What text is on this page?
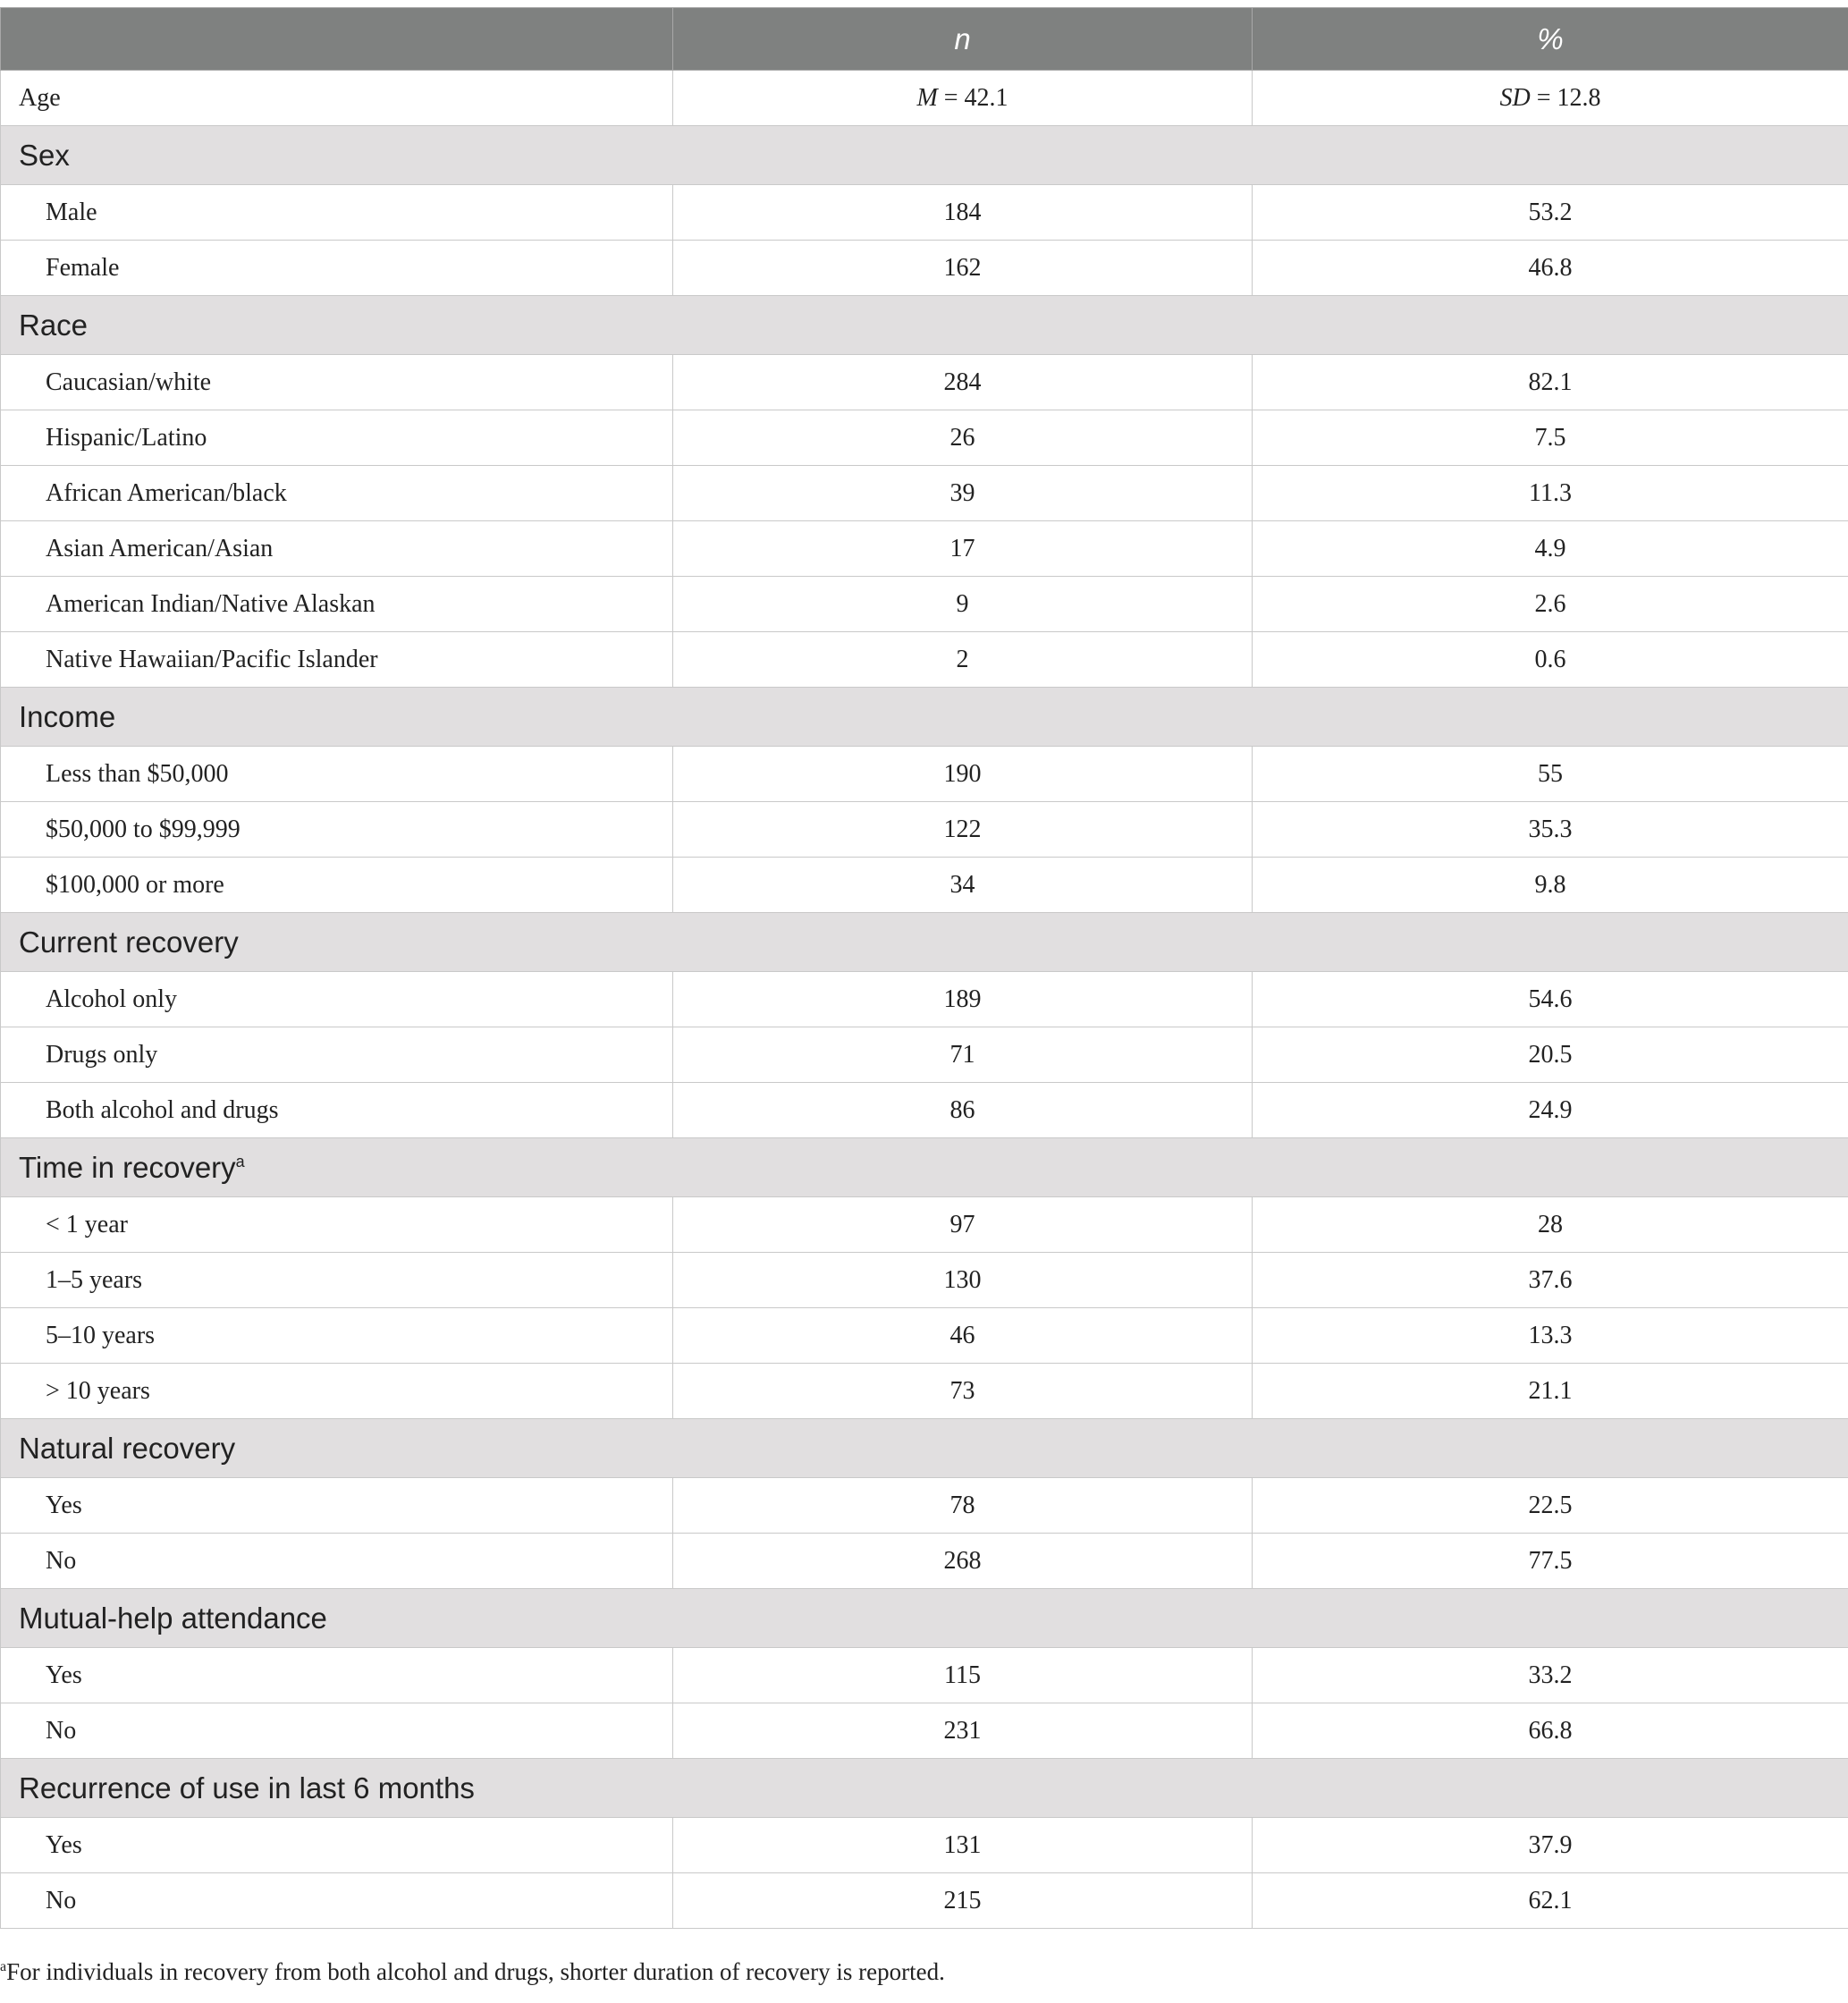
	n	%
Age	M = 42.1	SD = 12.8
Sex		
Male	184	53.2
Female	162	46.8
Race		
Caucasian/white	284	82.1
Hispanic/Latino	26	7.5
African American/black	39	11.3
Asian American/Asian	17	4.9
American Indian/Native Alaskan	9	2.6
Native Hawaiian/Pacific Islander	2	0.6
Income		
Less than $50,000	190	55
$50,000 to $99,999	122	35.3
$100,000 or more	34	9.8
Current recovery		
Alcohol only	189	54.6
Drugs only	71	20.5
Both alcohol and drugs	86	24.9
Time in recovery$^a$
< 1 year	97	28
1–5 years	130	37.6
5–10 years	46	13.3
> 10 years	73	21.1
Natural recovery		
Yes	78	22.5
No	268	77.5
Mutual-help attendance		
Yes	115	33.2
No	231	66.8
Recurrence of use in last 6 months		
Yes	131	37.9
No	215	62.1
$^a$For individuals in recovery from both alcohol and drugs, shorter duration of recovery is reported.
